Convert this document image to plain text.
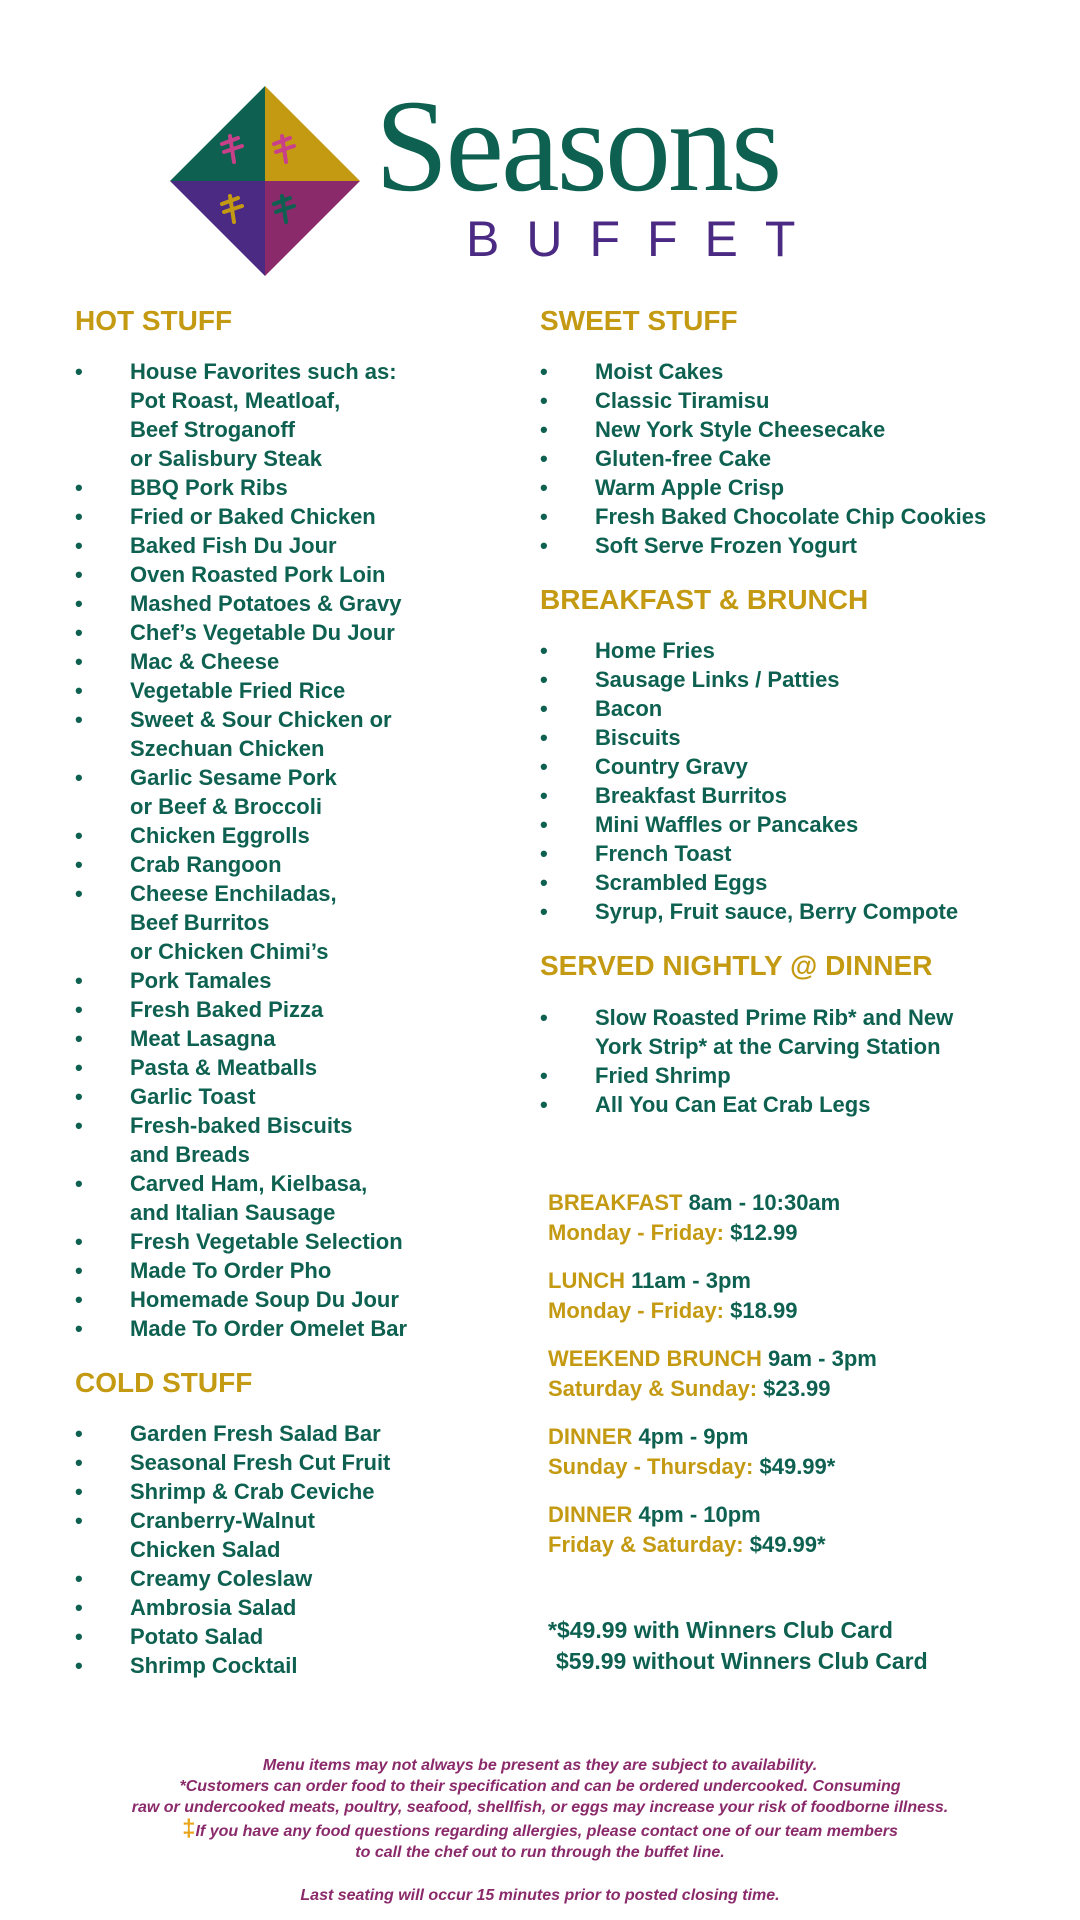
Seasons
BUFFET
HOT STUFF
• House Favorites such as:
Pot Roast, Meatloaf,
Beef Stroganoff
or Salisbury Steak
• BBQ Pork Ribs
• Fried or Baked Chicken
• Baked Fish Du Jour
• Oven Roasted Pork Loin
• Mashed Potatoes & Gravy
• Chef’s Vegetable Du Jour
• Mac & Cheese
• Vegetable Fried Rice
• Sweet & Sour Chicken or
Szechuan Chicken
• Garlic Sesame Pork
or Beef & Broccoli
• Chicken Eggrolls
• Crab Rangoon
• Cheese Enchiladas,
Beef Burritos
or Chicken Chimi’s
• Pork Tamales
• Fresh Baked Pizza
• Meat Lasagna
• Pasta & Meatballs
• Garlic Toast
• Fresh-baked Biscuits
and Breads
• Carved Ham, Kielbasa,
and Italian Sausage
• Fresh Vegetable Selection
• Made To Order Pho
• Homemade Soup Du Jour
• Made To Order Omelet Bar
COLD STUFF
• Garden Fresh Salad Bar
• Seasonal Fresh Cut Fruit
• Shrimp & Crab Ceviche
• Cranberry-Walnut
Chicken Salad
• Creamy Coleslaw
• Ambrosia Salad
• Potato Salad
• Shrimp Cocktail
SWEET STUFF
• Moist Cakes
• Classic Tiramisu
• New York Style Cheesecake
• Gluten-free Cake
• Warm Apple Crisp
• Fresh Baked Chocolate Chip Cookies
• Soft Serve Frozen Yogurt
BREAKFAST & BRUNCH
• Home Fries
• Sausage Links / Patties
• Bacon
• Biscuits
• Country Gravy
• Breakfast Burritos
• Mini Waffles or Pancakes
• French Toast
• Scrambled Eggs
• Syrup, Fruit sauce, Berry Compote
SERVED NIGHTLY @ DINNER
• Slow Roasted Prime Rib* and New
York Strip* at the Carving Station
• Fried Shrimp
• All You Can Eat Crab Legs
BREAKFAST 8am - 10:30am
Monday - Friday: $12.99
LUNCH 11am - 3pm
Monday - Friday: $18.99
WEEKEND BRUNCH 9am - 3pm
Saturday & Sunday: $23.99
DINNER 4pm - 9pm
Sunday - Thursday: $49.99*
DINNER 4pm - 10pm
Friday & Saturday: $49.99*
*$49.99 with Winners Club Card
$59.99 without Winners Club Card

Menu items may not always be present as they are subject to availability.

*Customers can order food to their specification and can be ordered undercooked. Consuming

raw or undercooked meats, poultry, seafood, shellfish, or eggs may increase your risk of foodborne illness.

‡If you have any food questions regarding allergies, please contact one of our team members

to call the chef out to run through the buffet line.

Last seating will occur 15 minutes prior to posted closing time.
